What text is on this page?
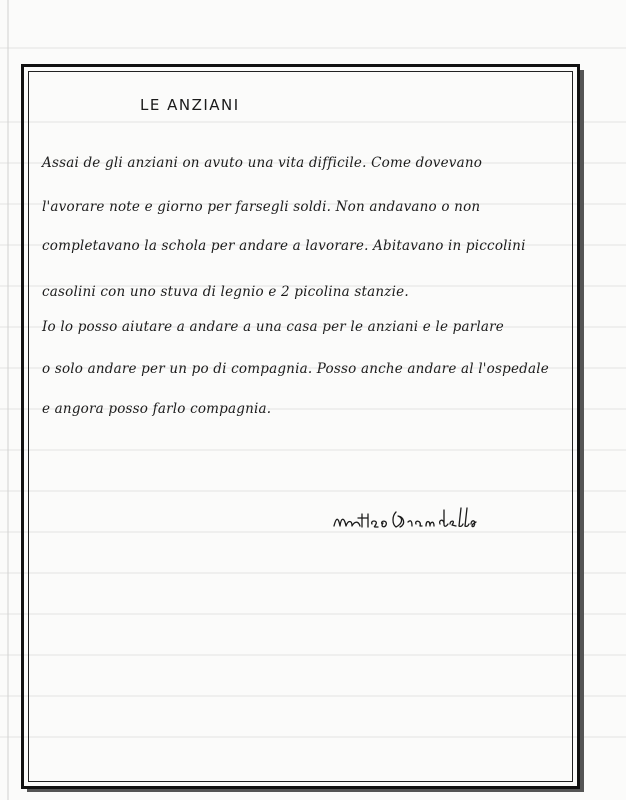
LE ANZIANI
Assai de gli anziani on avuto una vita difficile. Come dovevano
l'avorare note e giorno per farsegli soldi. Non andavano o non
completavano la schola per andare a lavorare. Abitavano in piccolini
casolini con uno stuva di legnio e 2 picolina stanzie.
Io lo posso aiutare a andare a una casa per le anziani e le parlare
o solo andare per un po di compagnia. Posso anche andare al l'ospedale
e angora posso farlo compagnia.
